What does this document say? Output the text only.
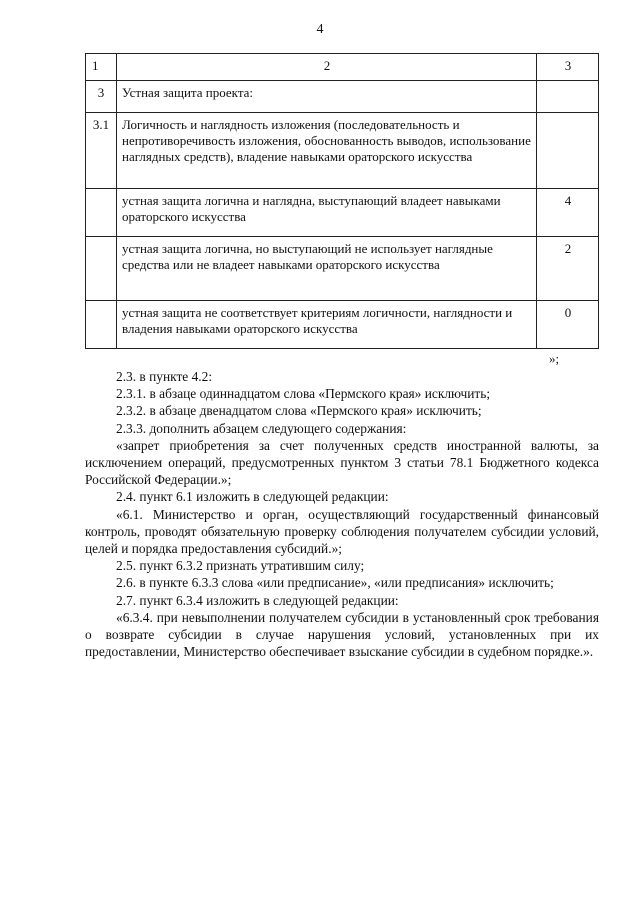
4
1	2	3
3	Устная защита проекта:	
3.1	Логичность и наглядность изложения (последовательность и непротиворечивость изложения, обоснованность выводов, использование наглядных средств), владение навыками ораторского искусства	
	устная защита логична и наглядна, выступающий владеет навыками ораторского искусства	4
	устная защита логична, но выступающий не использует наглядные средства или не владеет навыками ораторского искусства	2
	устная защита не соответствует критериям логичности, наглядности и владения навыками ораторского искусства	0
»;

2.3. в пункте 4.2:

2.3.1. в абзаце одиннадцатом слова «Пермского края» исключить;

2.3.2. в абзаце двенадцатом слова «Пермского края» исключить;

2.3.3. дополнить абзацем следующего содержания:

«запрет приобретения за счет полученных средств иностранной валюты, за исключением операций, предусмотренных пунктом 3 статьи 78.1 Бюджетного кодекса Российской Федерации.»;

2.4. пункт 6.1 изложить в следующей редакции:

«6.1. Министерство и орган, осуществляющий государственный финансовый контроль, проводят обязательную проверку соблюдения получателем субсидии условий, целей и порядка предоставления субсидий.»;

2.5. пункт 6.3.2 признать утратившим силу;

2.6. в пункте 6.3.3 слова «или предписание», «или предписания» исключить;

2.7. пункт 6.3.4 изложить в следующей редакции:

«6.3.4. при невыполнении получателем субсидии в установленный срок требования о возврате субсидии в случае нарушения условий, установленных при их предоставлении, Министерство обеспечивает взыскание субсидии в судебном порядке.».
